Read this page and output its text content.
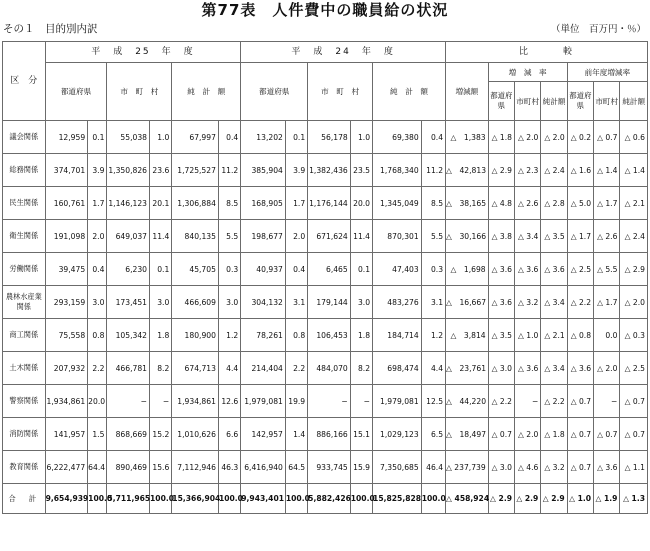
第77表　人件費中の職員給の状況
その１　目的別内訳	（単位　百万円・％）
区　分	平　成　25　年　度						平　成　24　年　度						比　　　較						
	都道府県		市　町　村		純　計　額		都道府県		市　町　村		純　計　額		増減額	増　減　率			前年度増減率		
														都道府県	市町村	純計額	都道府県	市町村	純計額
議会関係	12,959	0.1	55,038	1.0	67,997	0.4	13,202	0.1	56,178	1.0	69,380	0.4	△　1,383	△ 1.8	△ 2.0	△ 2.0	△ 0.2	△ 0.7	△ 0.6
総務関係	374,701	3.9	1,350,826	23.6	1,725,527	11.2	385,904	3.9	1,382,436	23.5	1,768,340	11.2	△　42,813	△ 2.9	△ 2.3	△ 2.4	△ 1.6	△ 1.4	△ 1.4
民生関係	160,761	1.7	1,146,123	20.1	1,306,884	8.5	168,905	1.7	1,176,144	20.0	1,345,049	8.5	△　38,165	△ 4.8	△ 2.6	△ 2.8	△ 5.0	△ 1.7	△ 2.1
衛生関係	191,098	2.0	649,037	11.4	840,135	5.5	198,677	2.0	671,624	11.4	870,301	5.5	△　30,166	△ 3.8	△ 3.4	△ 3.5	△ 1.7	△ 2.6	△ 2.4
労働関係	39,475	0.4	6,230	0.1	45,705	0.3	40,937	0.4	6,465	0.1	47,403	0.3	△　1,698	△ 3.6	△ 3.6	△ 3.6	△ 2.5	△ 5.5	△ 2.9
農林水産業関係	293,159	3.0	173,451	3.0	466,609	3.0	304,132	3.1	179,144	3.0	483,276	3.1	△　16,667	△ 3.6	△ 3.2	△ 3.4	△ 2.2	△ 1.7	△ 2.0
商工関係	75,558	0.8	105,342	1.8	180,900	1.2	78,261	0.8	106,453	1.8	184,714	1.2	△　3,814	△ 3.5	△ 1.0	△ 2.1	△ 0.8	0.0	△ 0.3
土木関係	207,932	2.2	466,781	8.2	674,713	4.4	214,404	2.2	484,070	8.2	698,474	4.4	△　23,761	△ 3.0	△ 3.6	△ 3.4	△ 3.6	△ 2.0	△ 2.5
警察関係	1,934,861	20.0	−	−	1,934,861	12.6	1,979,081	19.9	−	−	1,979,081	12.5	△　44,220	△ 2.2	−	△ 2.2	△ 0.7	−	△ 0.7
消防関係	141,957	1.5	868,669	15.2	1,010,626	6.6	142,957	1.4	886,166	15.1	1,029,123	6.5	△　18,497	△ 0.7	△ 2.0	△ 1.8	△ 0.7	△ 0.7	△ 0.7
教育関係	6,222,477	64.4	890,469	15.6	7,112,946	46.3	6,416,940	64.5	933,745	15.9	7,350,685	46.4	△ 237,739	△ 3.0	△ 4.6	△ 3.2	△ 0.7	△ 3.6	△ 1.1
合　計	9,654,939	100.0	5,711,965	100.0	15,366,904	100.0	9,943,401	100.0	5,882,426	100.0	15,825,828	100.0	△ 458,924	△ 2.9	△ 2.9	△ 2.9	△ 1.0	△ 1.9	△ 1.3
